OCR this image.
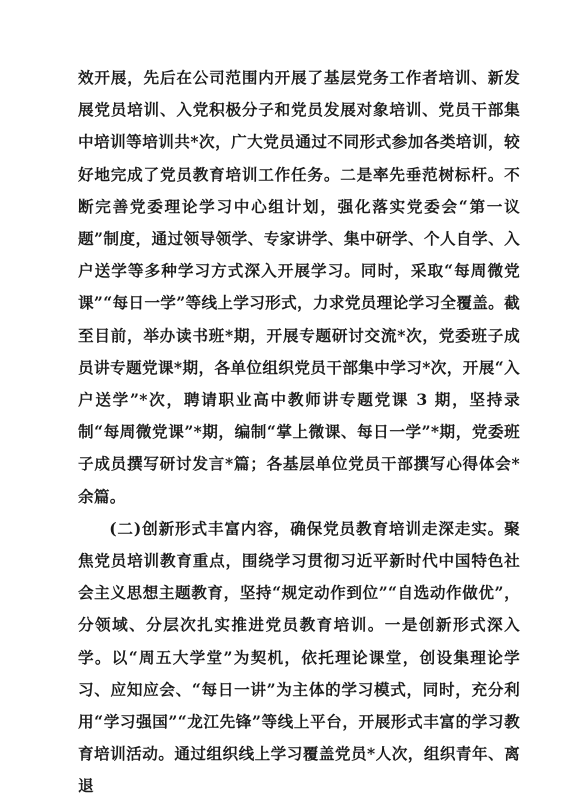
效开展，先后在公司范围内开展了基层党务工作者培训、新发展党员培训、入党积极分子和党员发展对象培训、党员干部集中培训等培训共*次，广大党员通过不同形式参加各类培训，较好地完成了党员教育培训工作任务。二是率先垂范树标杆。不断完善党委理论学习中心组计划，强化落实党委会“第一议题”制度，通过领导领学、专家讲学、集中研学、个人自学、入户送学等多种学习方式深入开展学习。同时，采取“每周微党课”“每日一学”等线上学习形式，力求党员理论学习全覆盖。截至目前，举办读书班*期，开展专题研讨交流*次，党委班子成员讲专题党课*期，各单位组织党员干部集中学习*次，开展“入户送学”*次，聘请职业高中教师讲专题党课 3 期，坚持录制“每周微党课”*期，编制“掌上微课、每日一学”*期，党委班子成员撰写研讨发言*篇；各基层单位党员干部撰写心得体会*余篇。

(二)创新形式丰富内容，确保党员教育培训走深走实。聚焦党员培训教育重点，围绕学习贯彻习近平新时代中国特色社会主义思想主题教育，坚持“规定动作到位”“自选动作做优”，分领域、分层次扎实推进党员教育培训。一是创新形式深入学。以“周五大学堂”为契机，依托理论课堂，创设集理论学习、应知应会、“每日一讲”为主体的学习模式，同时，充分利用“学习强国”“龙江先锋”等线上平台，开展形式丰富的学习教育培训活动。通过组织线上学习覆盖党员*人次，组织青年、离退
